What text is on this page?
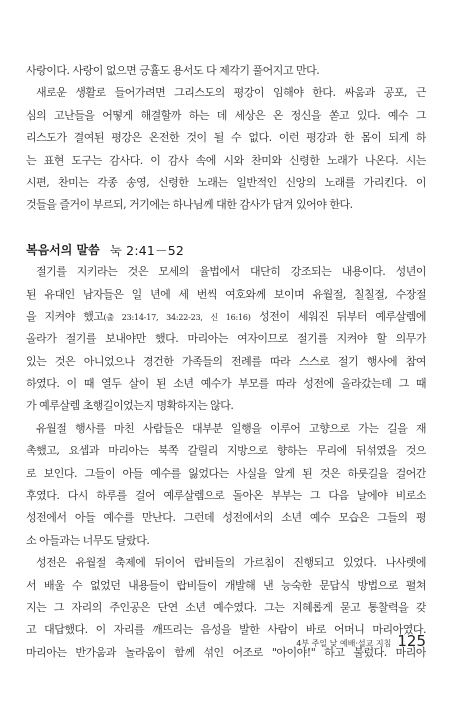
사랑이다. 사랑이 없으면 긍휼도 용서도 다 제각기 풀어지고 만다.
새로운 생활로 들어가려면 그리스도의 평강이 임해야 한다. 싸움과 공포, 근
심의 고난들을 어떻게 해결할까 하는 데 세상은 온 정신을 쏟고 있다. 예수 그
리스도가 결여된 평강은 온전한 것이 될 수 없다. 이런 평강과 한 몸이 되게 하
는 표현 도구는 감사다. 이 감사 속에 시와 찬미와 신령한 노래가 나온다. 시는
시편, 찬미는 각종 송영, 신령한 노래는 일반적인 신앙의 노래를 가리킨다. 이
것들을 즐거이 부르되, 거기에는 하나님께 대한 감사가 담겨 있어야 한다.
복음서의 말씀 눅 2:41－52
절기를 지키라는 것은 모세의 율법에서 대단히 강조되는 내용이다. 성년이
된 유대인 남자들은 일 년에 세 번씩 여호와께 보이며 유월절, 칠칠절, 수장절
을 지켜야 했고(출 23:14-17, 34:22-23, 신 16:16) 성전이 세워진 뒤부터 예루살렘에
올라가 절기를 보내야만 했다. 마리아는 여자이므로 절기를 지켜야 할 의무가
있는 것은 아니었으나 경건한 가족들의 전례를 따라 스스로 절기 행사에 참여
하였다. 이 때 열두 살이 된 소년 예수가 부모를 따라 성전에 올라갔는데 그 때
가 예루살렘 초행길이었는지 명확하지는 않다.
유월절 행사를 마친 사람들은 대부분 일행을 이루어 고향으로 가는 길을 재
촉했고, 요셉과 마리아는 북쪽 갈릴리 지방으로 향하는 무리에 뒤섞였을 것으
로 보인다. 그들이 아들 예수를 잃었다는 사실을 알게 된 것은 하룻길을 걸어간
후였다. 다시 하루를 걸어 예루살렘으로 돌아온 부부는 그 다음 날에야 비로소
성전에서 아들 예수를 만난다. 그런데 성전에서의 소년 예수 모습은 그들의 평
소 아들과는 너무도 달랐다.
성전은 유월절 축제에 뒤이어 랍비들의 가르침이 진행되고 있었다. 나사렛에
서 배울 수 없었던 내용들이 랍비들이 개발해 낸 능숙한 문답식 방법으로 펼쳐
지는 그 자리의 주인공은 단연 소년 예수였다. 그는 지혜롭게 묻고 통찰력을 갖
고 대답했다. 이 자리를 깨뜨리는 음성을 발한 사람이 바로 어머니 마리아였다.
마리아는 반가움과 놀라움이 함께 섞인 어조로 "아이야!" 하고 불렀다. 마리아
4부 주일 낮 예배·설교 지침 125
